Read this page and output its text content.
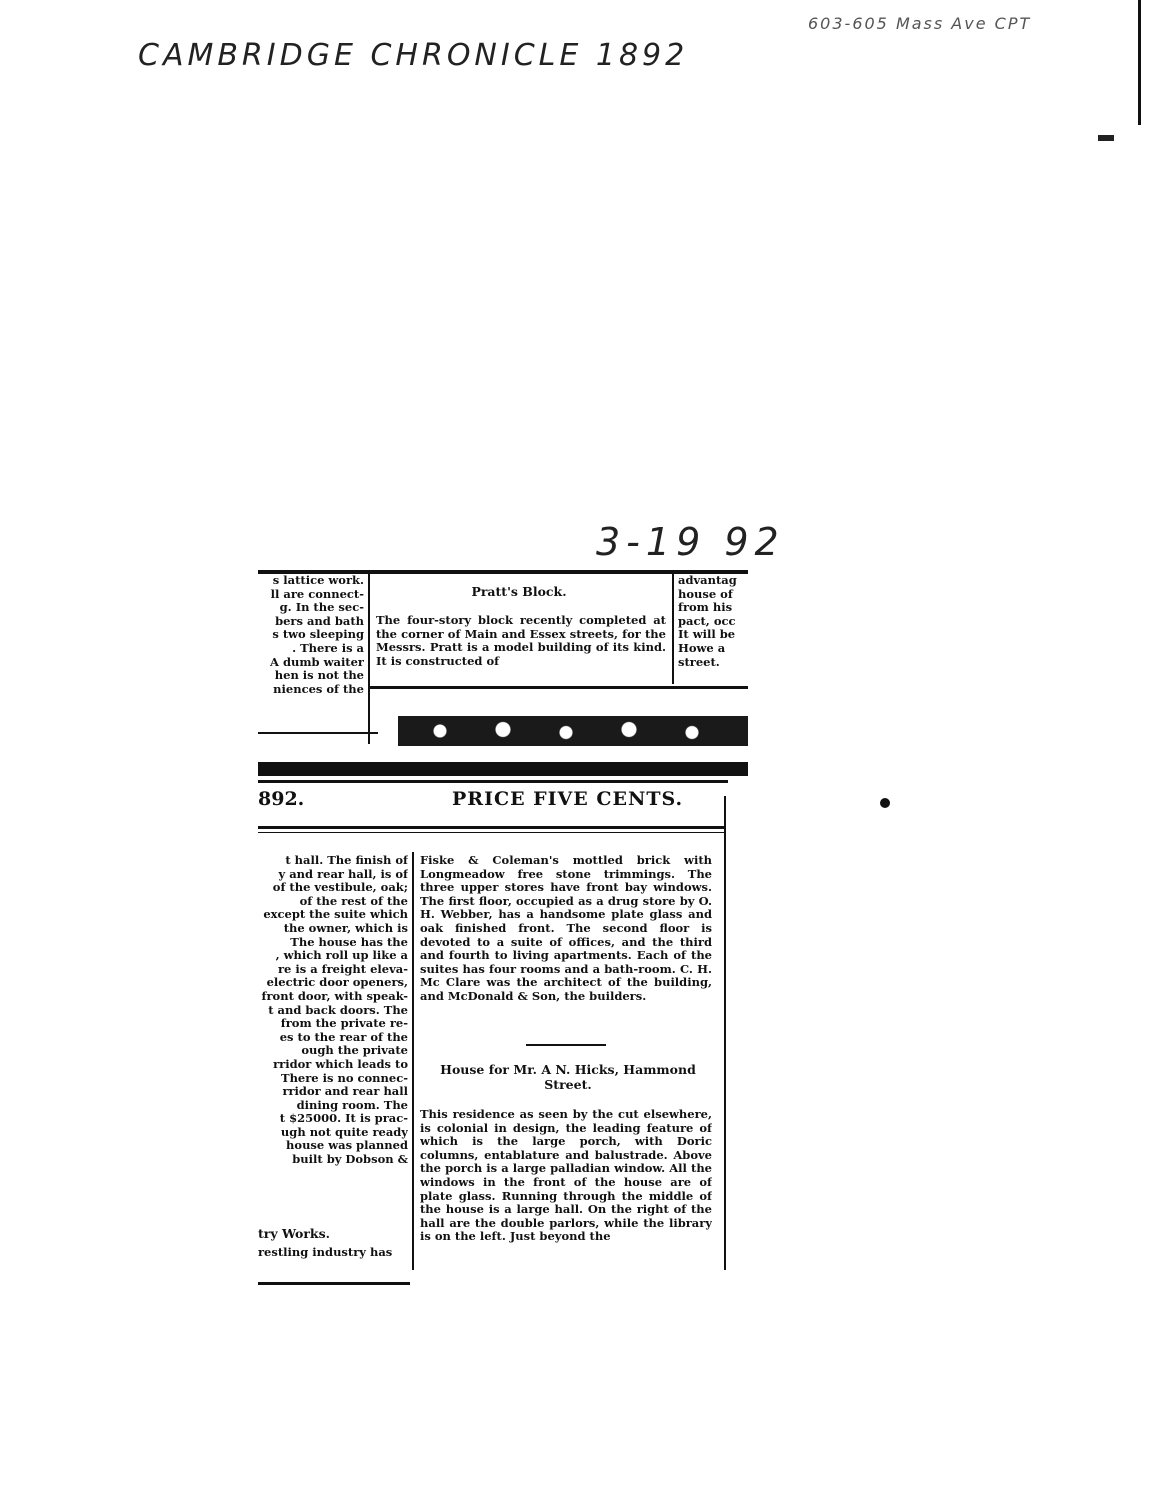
CAMBRIDGE CHRONICLE 1892
603-605 Mass Ave CPT
3-19 92
s lattice work.
ll are connect-
g. In the sec-
bers and bath
s two sleeping
. There is a
A dumb waiter
hen is not the
niences of the
Pratt's Block.
The four-story block recently completed at the corner of Main and Essex streets, for the Messrs. Pratt is a model building of its kind. It is constructed of
advantag
house of
from his
pact, occ
It will be
Howe a
street.
892.	PRICE FIVE CENTS.
t hall. The finish of
y and rear hall, is of
of the vestibule, oak;
of the rest of the
except the suite which
the owner, which is
The house has the
, which roll up like a
re is a freight eleva-
electric door openers,
front door, with speak-
t and back doors. The
from the private re-
es to the rear of the
ough the private
rridor which leads to
There is no connec-
rridor and rear hall
dining room. The
t $25000. It is prac-
ugh not quite ready
house was planned
built by Dobson &
try Works.
restling industry has
Fiske & Coleman's mottled brick with Longmeadow free stone trimmings. The three upper stores have front bay windows. The first floor, occupied as a drug store by O. H. Webber, has a handsome plate glass and oak finished front. The second floor is devoted to a suite of offices, and the third and fourth to living apartments. Each of the suites has four rooms and a bath-room. C. H. Mc Clare was the architect of the building, and McDonald & Son, the builders.
House for Mr. A N. Hicks, Hammond Street.
This residence as seen by the cut elsewhere, is colonial in design, the leading feature of which is the large porch, with Doric columns, entablature and balustrade. Above the porch is a large palladian window. All the windows in the front of the house are of plate glass. Running through the middle of the house is a large hall. On the right of the hall are the double parlors, while the library is on the left. Just beyond the
